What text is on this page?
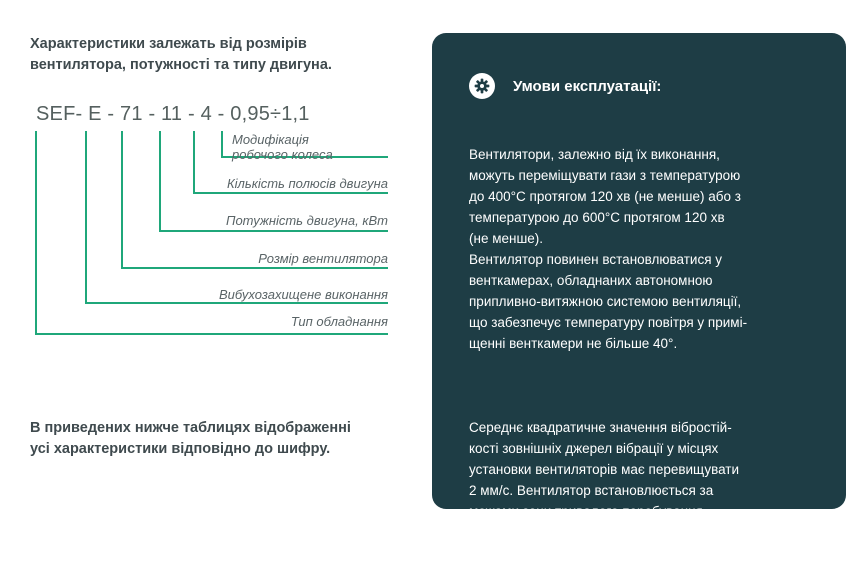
Характеристики залежать від розмірів
вентилятора, потужності та типу двигуна.
SEF- E - 71 - 11 - 4 - 0,95÷1,1
Модифікація
робочого колеса
Кількість полюсів двигуна
Потужність двигуна, кВт
Розмір вентилятора
Вибухозахищене виконання
Тип обладнання
В приведених нижче таблицях відображенні
усі характеристики відповідно до шифру.
Умови експлуатації:

Вентилятори, залежно від їх виконання,
можуть переміщувати гази з температурою
до 400°С протягом 120 хв (не менше) або з
температурою до 600°С протягом 120 хв
(не менше).
Вентилятор повинен встановлюватися у
венткамерах, обладнаних автономною
припливно-витяжною системою вентиляції,
що забезпечує температуру повітря у примі-
щенні венткамери не більше 40°.

Середнє квадратичне значення віброcтій-
кості зовнішніх джерел вібрації у місцях
установки вентиляторів має перевищувати
2 мм/с. Вентилятор встановлюється за
межами зони тривалого перебування
людей.
